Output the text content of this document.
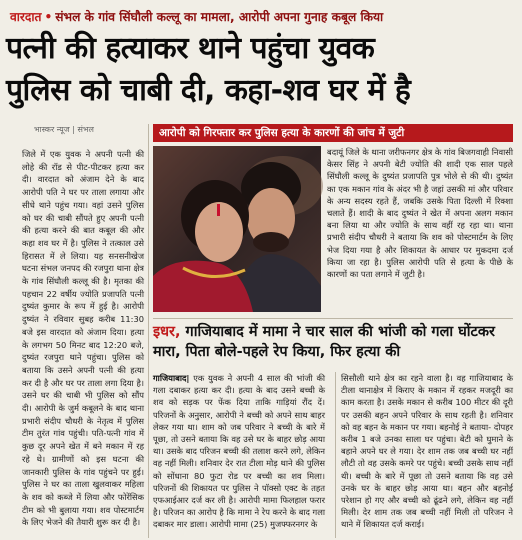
वारदात • संभल के गांव सिंघौली कल्लू का मामला, आरोपी अपना गुनाह कबूल किया
पत्नी की हत्याकर थाने पहुंचा युवक
पुलिस को चाबी दी, कहा-शव घर में है
भास्कर न्यूज | संभल
जिले में एक युवक ने अपनी पत्नी की लोहे की रॉड से पीट-पीटकर हत्या कर दी। वारदात को अंजाम देने के बाद आरोपी पति ने घर पर ताला लगाया और सीधे थाने पहुंच गया। वहां उसने पुलिस को घर की चाबी सौंपते हुए अपनी पत्नी की हत्या करने की बात कबूल की और कहा शव घर में है। पुलिस ने तत्काल उसे हिरासत में ले लिया। यह सनसनीखेज घटना संभल जनपद की रजपुरा थाना क्षेत्र के गांव सिंघौली कल्लू की है। मृतका की पहचान 22 वर्षीय ज्योति प्रजापति पत्नी दुष्यंत कुमार के रूप में हुई है। आरोपी दुष्यंत ने रविवार सुबह करीब 11:30 बजे इस वारदात को अंजाम दिया। हत्या के लगभग 50 मिनट बाद 12:20 बजे, दुष्यंत रजपुरा थाने पहुंचा। पुलिस को बताया कि उसने अपनी पत्नी की हत्या कर दी है और घर पर ताला लगा दिया है। उसने घर की चाबी भी पुलिस को सौंप दी। आरोपी के जुर्म कबूलने के बाद थाना प्रभारी संदीप चौधरी के नेतृत्व में पुलिस टीम तुरंत गांव पहुंची। पति-पत्नी गांव में कुछ दूर अपने खेत में बने मकान में रह रहे थे। ग्रामीणों को इस घटना की जानकारी पुलिस के गांव पहुंचने पर हुई। पुलिस ने घर का ताला खुलवाकर महिला के शव को कब्जे में लिया और फोरेंसिक टीम को भी बुलाया गया। शव पोस्टमार्टम के लिए भेजने की तैयारी शुरू कर दी है।
आरोपी को गिरफ्तार कर पुलिस हत्या के कारणों की जांच में जुटी
बदायूं जिले के थाना जरीफनगर क्षेत्र के गांव बिजगवाही निवासी केसर सिंह ने अपनी बेटी ज्योति की शादी एक साल पहले सिंघौली कल्लू के दुष्यंत प्रजापति पुत्र भोले से की थी। दुष्यंत का एक मकान गांव के अंदर भी है जहां उसकी मां और परिवार के अन्य सदस्य रहते हैं, जबकि उसके पिता दिल्ली में रिक्शा चलाते हैं। शादी के बाद दुष्यंत ने खेत में अपना अलग मकान बना लिया था और ज्योति के साथ वहीं रह रहा था। थाना प्रभारी संदीप चौधरी ने बताया कि शव को पोस्टमार्टम के लिए भेज दिया गया है और शिकायत के आधार पर मुकदमा दर्ज किया जा रहा है। पुलिस आरोपी पति से हत्या के पीछे के कारणों का पता लगाने में जुटी है।
इधर, गाजियाबाद में मामा ने चार साल की भांजी को गला घोंटकर मारा, पिता बोले-पहले रेप किया, फिर हत्या की
गाजियाबाद| एक युवक ने अपनी 4 साल की भांजी की गला दबाकर हत्या कर दी। हत्या के बाद उसने बच्ची के शव को सड़क पर फेंक दिया ताकि गाड़ियां रौंद दें। परिजनों के अनुसार, आरोपी ने बच्ची को अपने साथ बाहर लेकर गया था। शाम को जब परिवार ने बच्ची के बारे में पूछा, तो उसने बताया कि वह उसे घर के बाहर छोड़ आया था। उसके बाद परिजन बच्ची की तलाश करने लगे, लेकिन वह नहीं मिली। शनिवार देर रात टीला मोड़ थाने की पुलिस को सोंधाना 80 फुटा रोड पर बच्ची का शव मिला। परिजनों की शिकायत पर पुलिस ने पॉक्सो एक्ट के तहत एफआईआर दर्ज कर ली है। आरोपी मामा फिलहाल फरार है। परिजन का आरोप है कि मामा ने रेप करने के बाद गला दबाकर मार डाला। आरोपी मामा (25) मुजफ्फरनगर के
सिसौली थाने क्षेत्र का रहने वाला है। वह गाजियाबाद के टीला थानाक्षेत्र में किराए के मकान में रहकर मजदूरी का काम करता है। उसके मकान से करीब 100 मीटर की दूरी पर उसकी बहन अपने परिवार के साथ रहती है। शनिवार को वह बहन के मकान पर गया। बहनोई ने बताया- दोपहर करीब 1 बजे उनका साला घर पहुंचा। बेटी को घुमाने के बहाने अपने घर ले गया। देर शाम तक जब बच्ची घर नहीं लौटी तो वह उसके कमरे पर पहुंचे। बच्ची उसके साथ नहीं थी। बच्ची के बारे में पूछा तो उसने बताया कि वह उसे उनके घर के बाहर छोड़ आया था। बहन और बहनोई परेशान हो गए और बच्ची को ढूंढने लगे, लेकिन वह नहीं मिली। देर शाम तक जब बच्ची नहीं मिली तो परिजन ने थाने में शिकायत दर्ज कराई।
